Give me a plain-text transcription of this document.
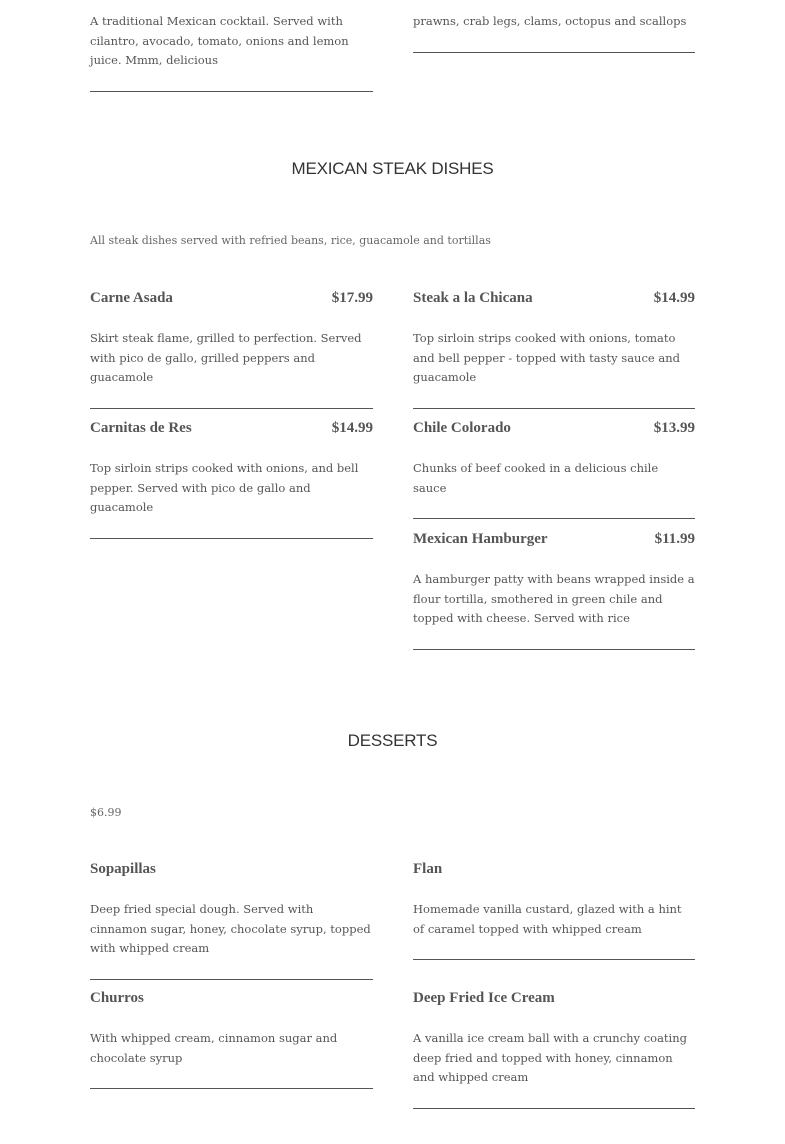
A traditional Mexican cocktail. Served with cilantro, avocado, tomato, onions and lemon juice. Mmm, delicious

prawns, crab legs, clams, octopus and scallops

MEXICAN STEAK DISHES
All steak dishes served with refried beans, rice, guacamole and tortillas
Carne Asada	$17.99

Skirt steak flame, grilled to perfection. Served with pico de gallo, grilled peppers and guacamole

Steak a la Chicana	$14.99

Top sirloin strips cooked with onions, tomato and bell pepper - topped with tasty sauce and guacamole

Carnitas de Res	$14.99

Top sirloin strips cooked with onions, and bell pepper. Served with pico de gallo and guacamole

Chile Colorado	$13.99

Chunks of beef cooked in a delicious chile sauce

Mexican Hamburger	$11.99

A hamburger patty with beans wrapped inside a flour tortilla, smothered in green chile and topped with cheese. Served with rice

DESSERTS
$6.99
Sopapillas

Deep fried special dough. Served with cinnamon sugar, honey, chocolate syrup, topped with whipped cream

Flan

Homemade vanilla custard, glazed with a hint of caramel topped with whipped cream

Churros

With whipped cream, cinnamon sugar and chocolate syrup

Deep Fried Ice Cream

A vanilla ice cream ball with a crunchy coating deep fried and topped with honey, cinnamon and whipped cream
